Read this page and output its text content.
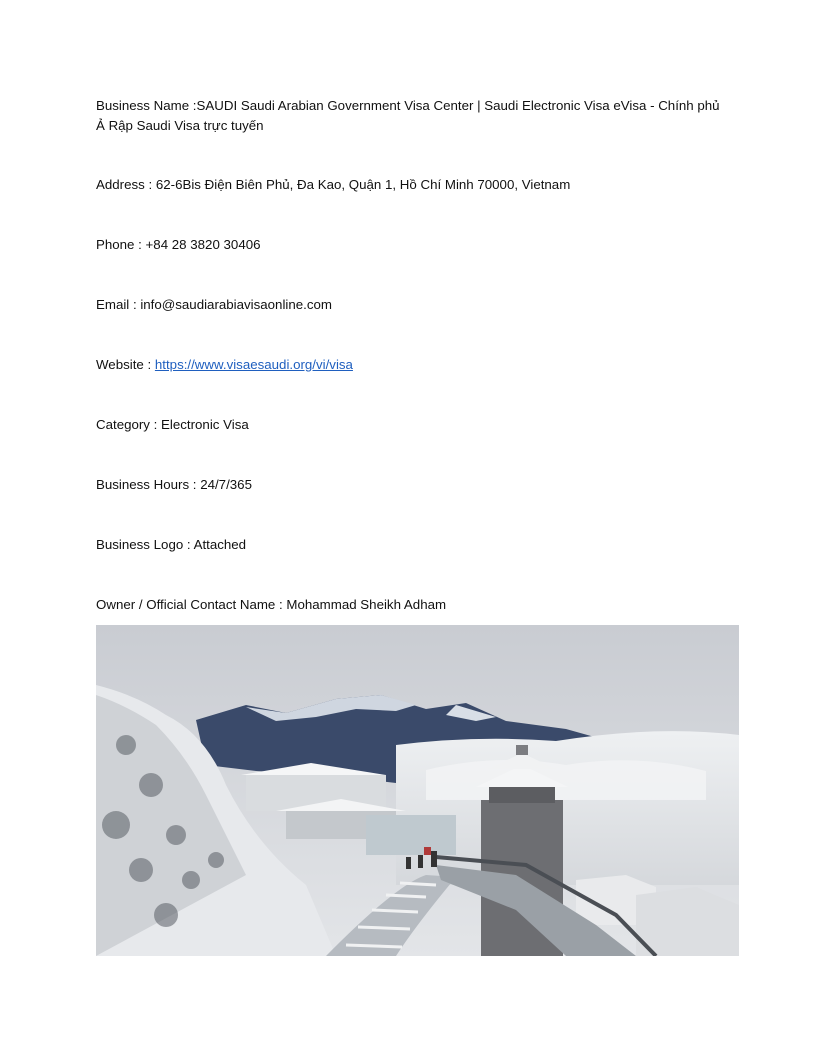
Business Name :SAUDI Saudi Arabian Government Visa Center | Saudi Electronic Visa eVisa - Chính phủ Ả Rập Saudi Visa trực tuyến
Address : 62-6Bis Điện Biên Phủ, Đa Kao, Quận 1, Hồ Chí Minh 70000, Vietnam
Phone : +84 28 3820 30406
Email : info@saudiarabiavisaonline.com
Website : https://www.visaesaudi.org/vi/visa
Category : Electronic Visa
Business Hours : 24/7/365
Business Logo : Attached
Owner / Official Contact Name : Mohammad Sheikh Adham
